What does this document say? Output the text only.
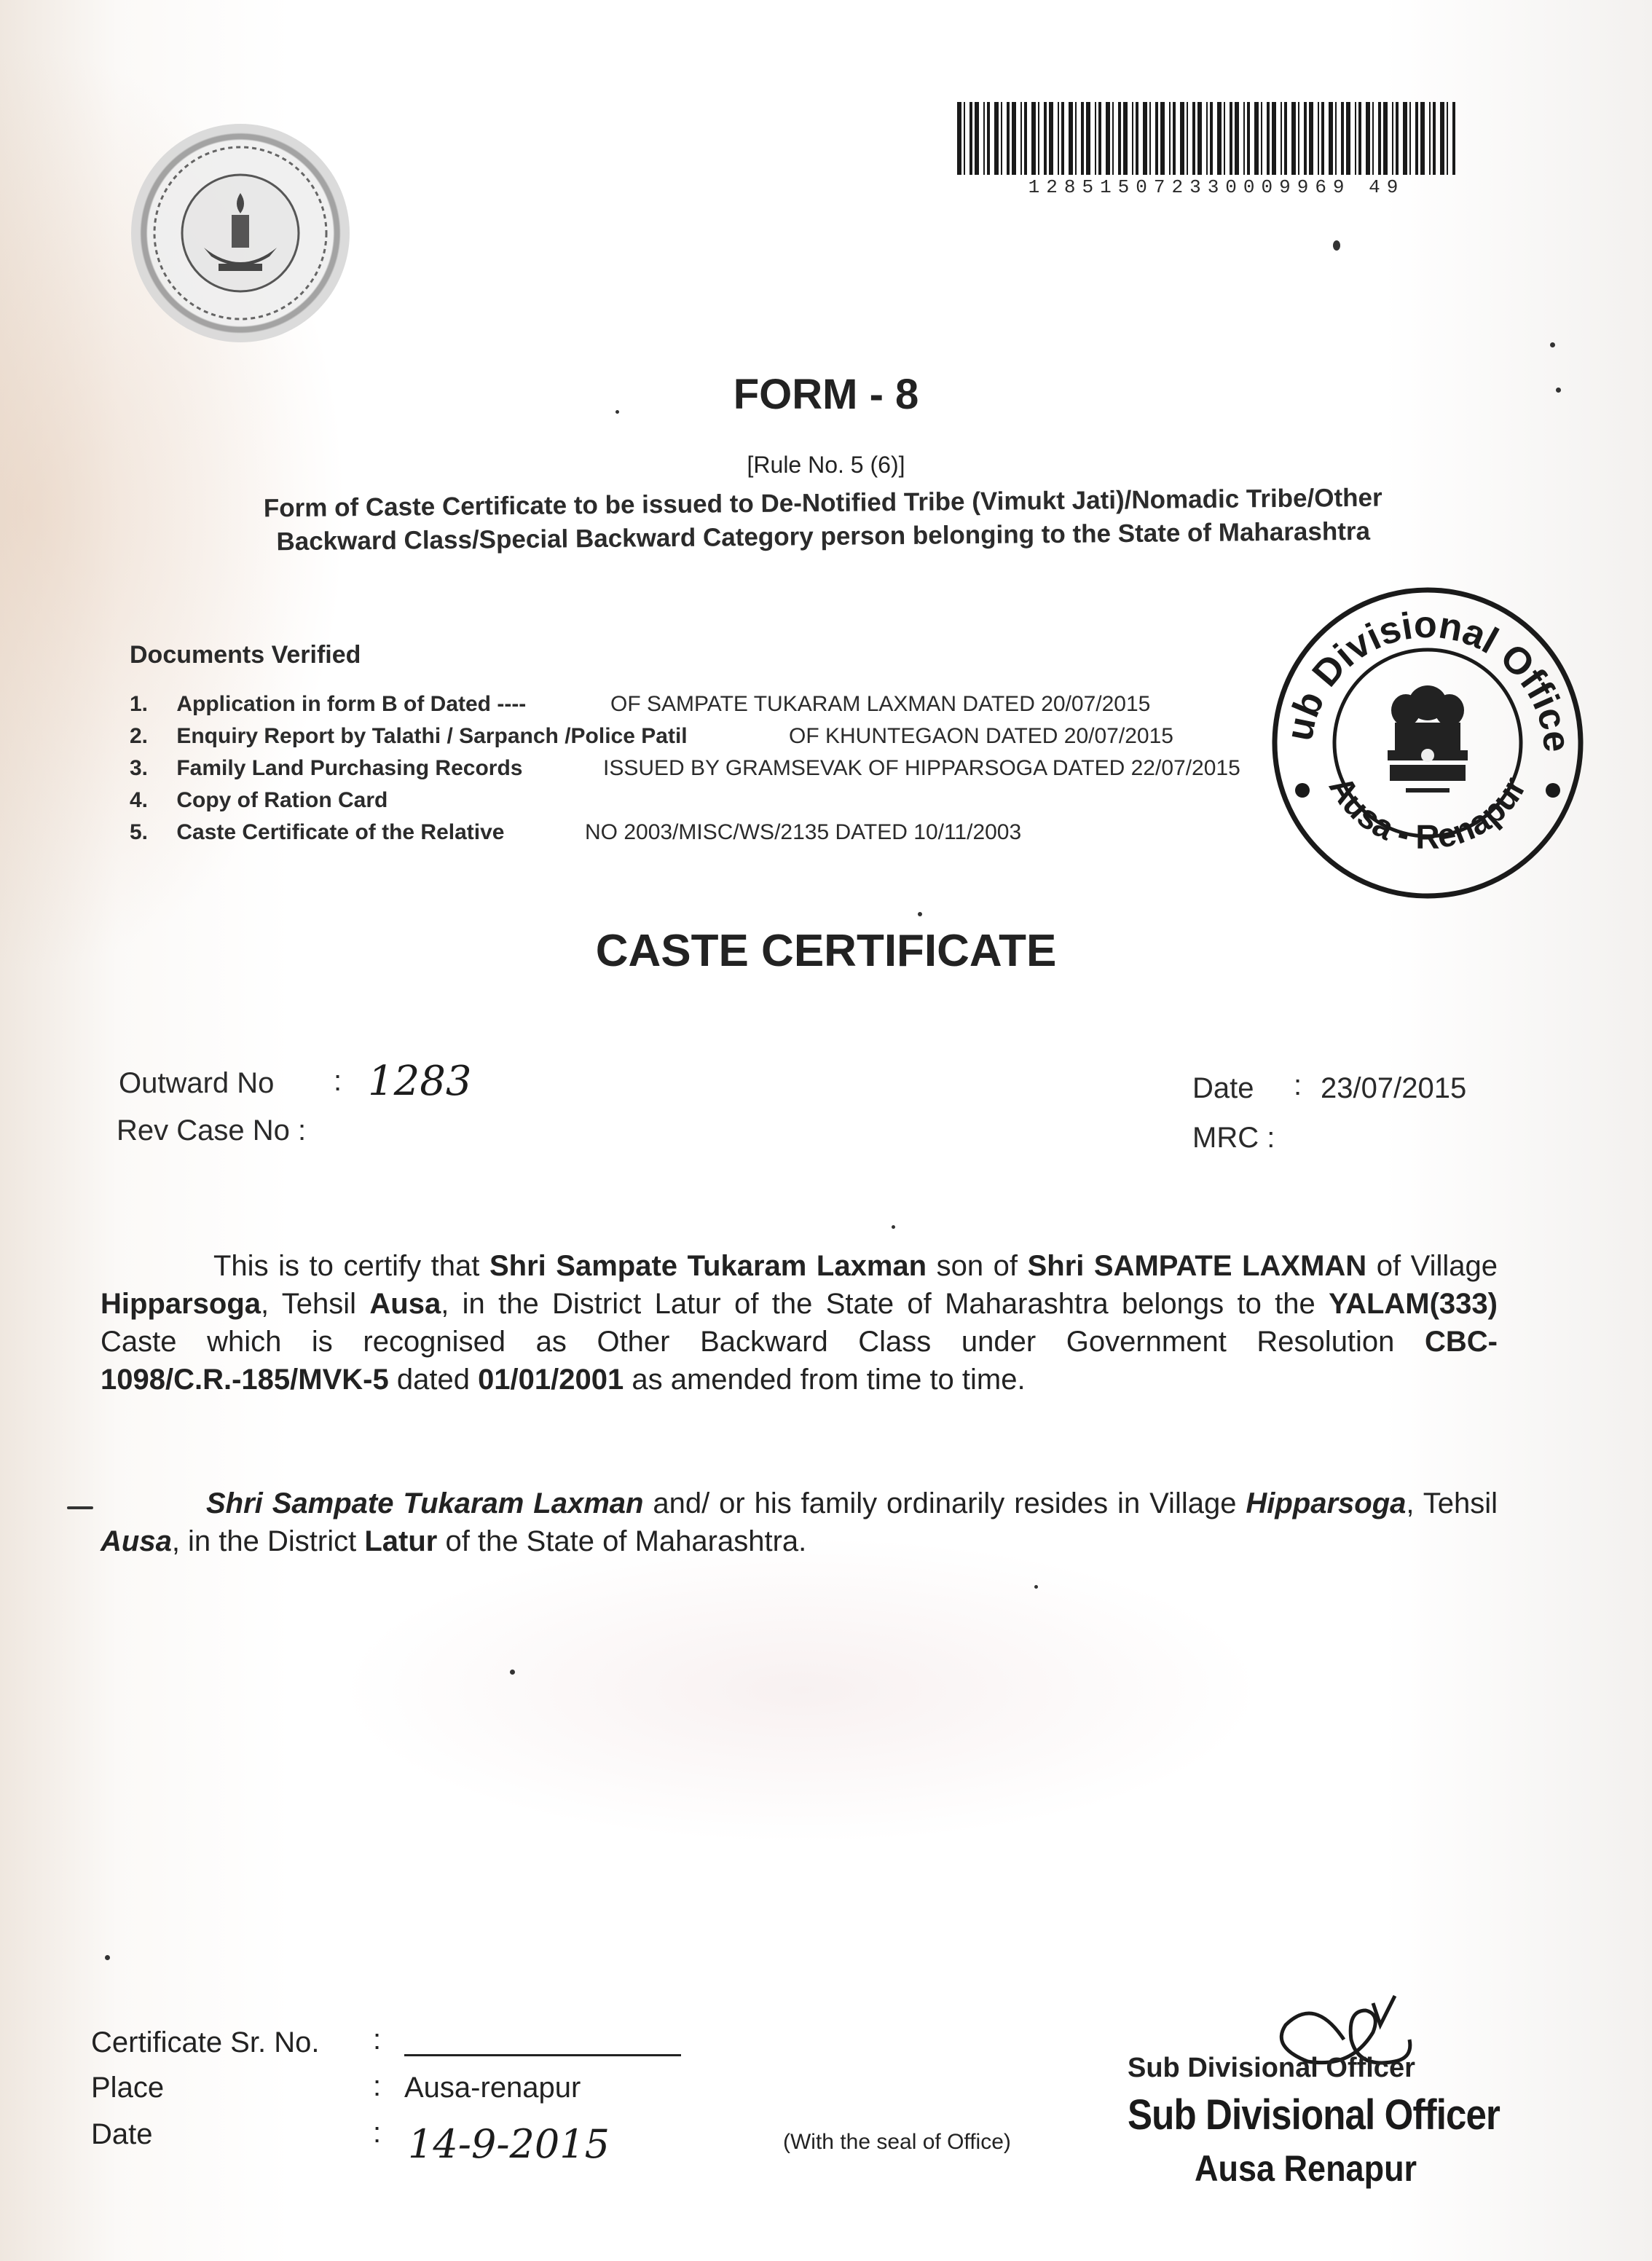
128515072330009969 49
FORM - 8
[Rule No. 5 (6)]
Form of Caste Certificate to be issued to De-Notified Tribe (Vimukt Jati)/Nomadic Tribe/Other
Backward Class/Special Backward Category person belonging to the State of Maharashtra
Documents Verified
1. Application in form B of Dated ----	OF SAMPATE TUKARAM LAXMAN DATED 20/07/2015
2. Enquiry Report by Talathi / Sarpanch /Police Patil	OF KHUNTEGAON DATED 20/07/2015
3. Family Land Purchasing Records	ISSUED BY GRAMSEVAK OF HIPPARSOGA DATED 22/07/2015
4. Copy of Ration Card
5. Caste Certificate of the Relative	NO 2003/MISC/WS/2135 DATED 10/11/2003
ub Divisional Office
Ausa - Renapur
CASTE CERTIFICATE
Outward No : 1283
Rev Case No :
Date : 23/07/2015
MRC :
This is to certify that Shri Sampate Tukaram Laxman son of Shri SAMPATE LAXMAN of Village Hipparsoga, Tehsil Ausa, in the District Latur of the State of Maharashtra belongs to the YALAM(333) Caste which is recognised as Other Backward Class under Government Resolution CBC-1098/C.R.-185/MVK-5 dated 01/01/2001 as amended from time to time.
Shri Sampate Tukaram Laxman and/ or his family ordinarily resides in Village Hipparsoga, Tehsil Ausa, in the District Latur of the State of Maharashtra.
Certificate Sr. No. :
Place	: Ausa-renapur
Date	: 14-9-2015	(With the seal of Office)
Sub Divisional Officer
Sub Divisional Officer
Ausa Renapur
